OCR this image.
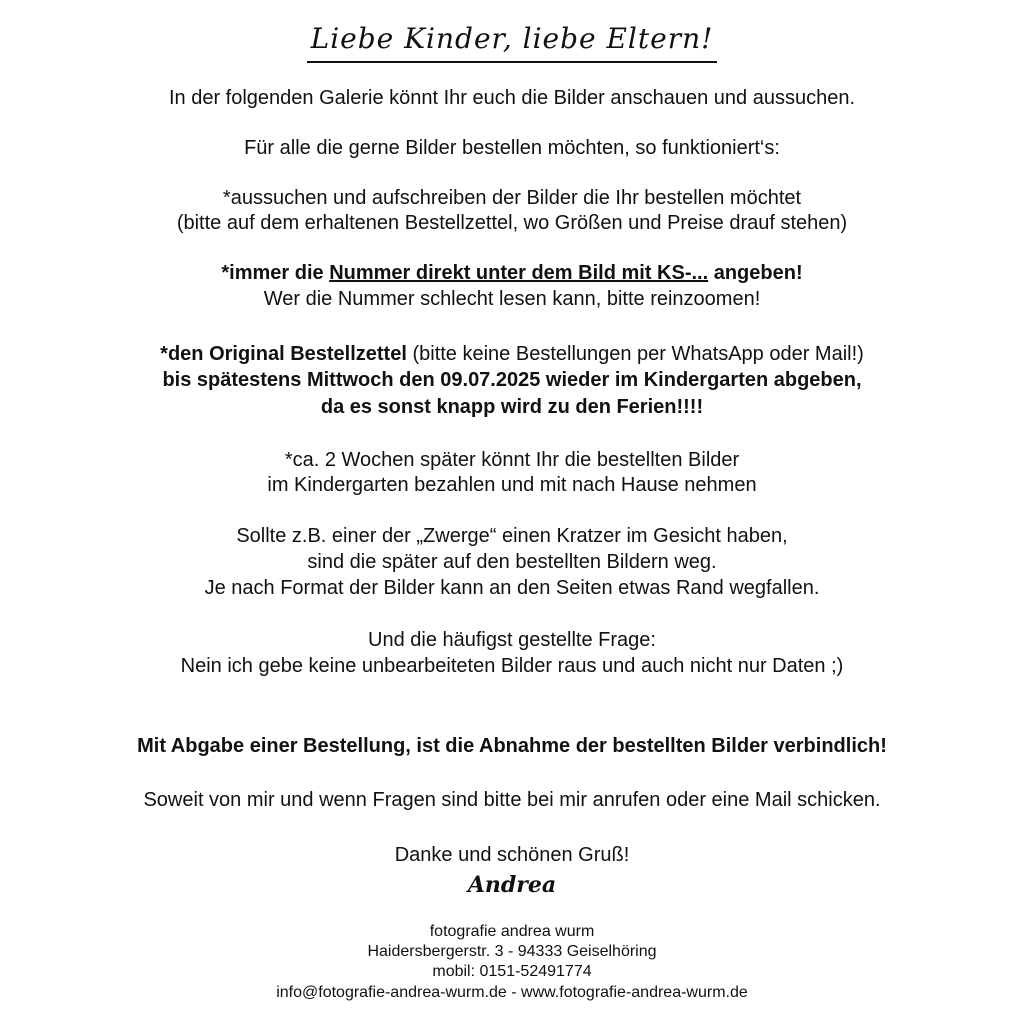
Liebe Kinder, liebe Eltern!
In der folgenden Galerie könnt Ihr euch die Bilder anschauen und aussuchen.
Für alle die gerne Bilder bestellen möchten, so funktioniert‘s:
*aussuchen und aufschreiben der Bilder die Ihr bestellen möchtet
(bitte auf dem erhaltenen Bestellzettel, wo Größen und Preise drauf stehen)
*immer die Nummer direkt unter dem Bild mit KS-... angeben!
Wer die Nummer schlecht lesen kann, bitte reinzoomen!
*den Original Bestellzettel (bitte keine Bestellungen per WhatsApp oder Mail!)
bis spätestens Mittwoch den 09.07.2025 wieder im Kindergarten abgeben,
da es sonst knapp wird zu den Ferien!!!!
*ca. 2 Wochen später könnt Ihr die bestellten Bilder
im Kindergarten bezahlen und mit nach Hause nehmen
Sollte z.B. einer der „Zwerge“ einen Kratzer im Gesicht haben,
sind die später auf den bestellten Bildern weg.
Je nach Format der Bilder kann an den Seiten etwas Rand wegfallen.
Und die häufigst gestellte Frage:
Nein ich gebe keine unbearbeiteten Bilder raus und auch nicht nur Daten ;)
Mit Abgabe einer Bestellung, ist die Abnahme der bestellten Bilder verbindlich!
Soweit von mir und wenn Fragen sind bitte bei mir anrufen oder eine Mail schicken.
Danke und schönen Gruß!
Andrea
fotografie andrea wurm
Haidersbergerstr. 3 - 94333 Geiselhöring
mobil: 0151-52491774
info@fotografie-andrea-wurm.de - www.fotografie-andrea-wurm.de
